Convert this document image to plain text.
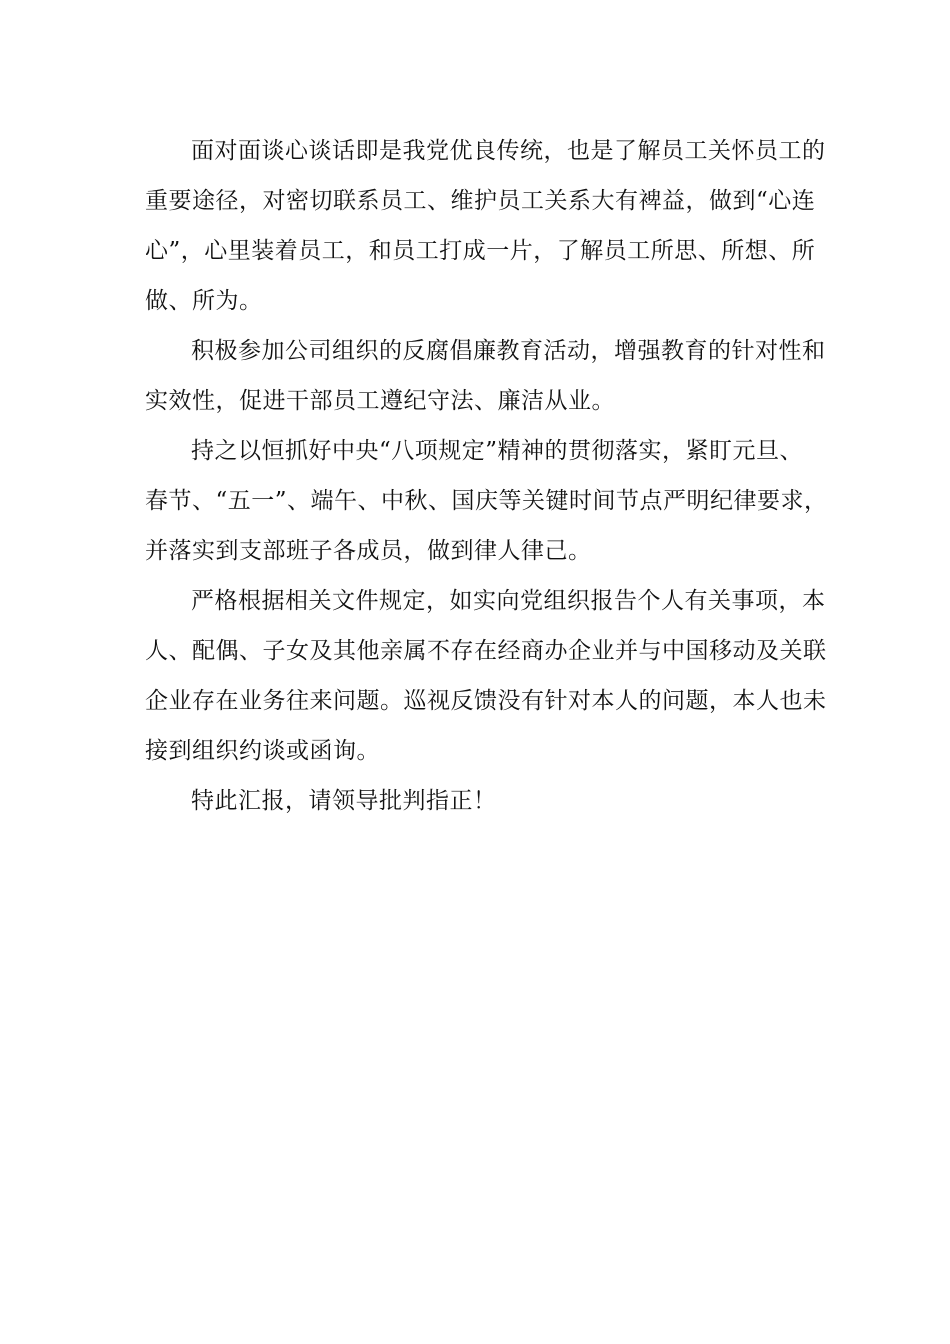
面对面谈心谈话即是我党优良传统，也是了解员工关怀员工的
重要途径，对密切联系员工、维护员工关系大有裨益，做到“心连
心”，心里装着员工，和员工打成一片，了解员工所思、所想、所
做、所为。

积极参加公司组织的反腐倡廉教育活动，增强教育的针对性和
实效性，促进干部员工遵纪守法、廉洁从业。

持之以恒抓好中央“八项规定”精神的贯彻落实，紧盯元旦、
春节、“五一”、端午、中秋、国庆等关键时间节点严明纪律要求，
并落实到支部班子各成员，做到律人律己。

严格根据相关文件规定，如实向党组织报告个人有关事项，本
人、配偶、子女及其他亲属不存在经商办企业并与中国移动及关联
企业存在业务往来问题。巡视反馈没有针对本人的问题，本人也未
接到组织约谈或函询。

特此汇报，请领导批判指正！
